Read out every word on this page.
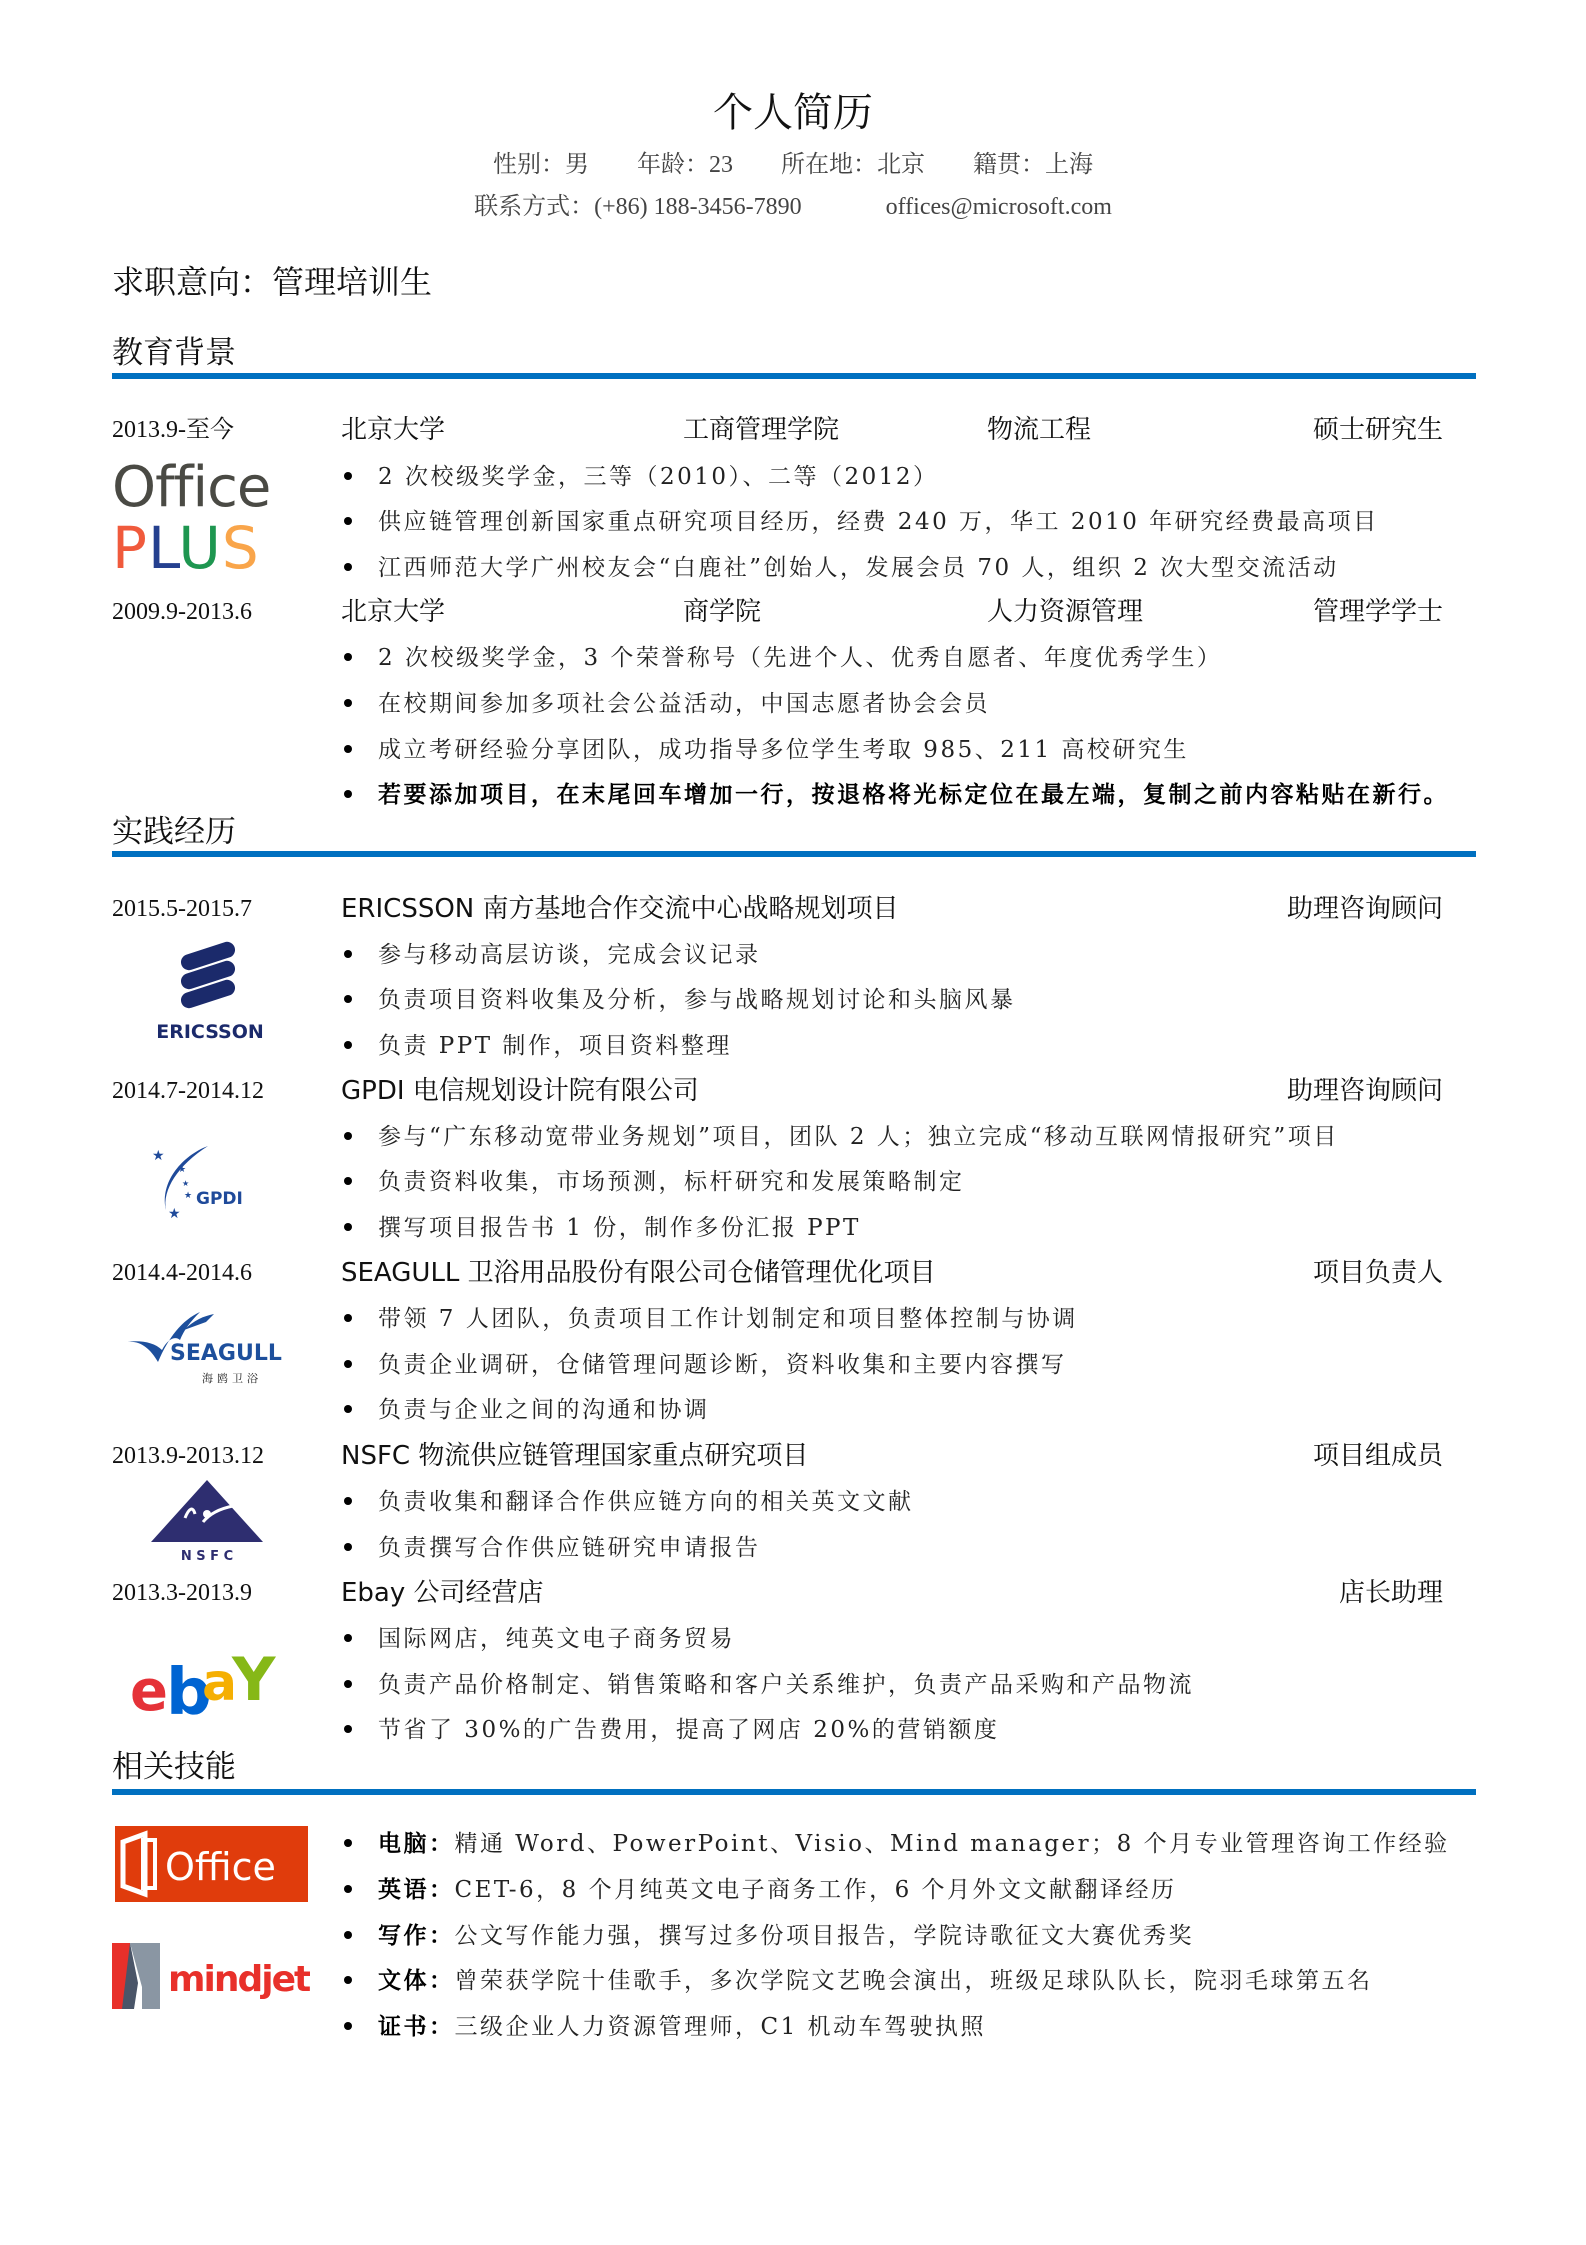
个人简历
性别：男 年龄：23 所在地：北京 籍贯：上海
联系方式：(+86) 188-3456-7890	offices@microsoft.com
求职意向：管理培训生
教育背景
2013.9-至今	北京大学	工商管理学院	物流工程	硕士研究生
2 次校级奖学金，三等（2010）、二等（2012）
供应链管理创新国家重点研究项目经历，经费 240 万，华工 2010 年研究经费最高项目
江西师范大学广州校友会“白鹿社”创始人，发展会员 70 人，组织 2 次大型交流活动
Office
PLUS
2009.9-2013.6	北京大学	商学院	人力资源管理	管理学学士
2 次校级奖学金，3 个荣誉称号（先进个人、优秀自愿者、年度优秀学生）
在校期间参加多项社会公益活动，中国志愿者协会会员
成立考研经验分享团队，成功指导多位学生考取 985、211 高校研究生
若要添加项目，在末尾回车增加一行，按退格将光标定位在最左端，复制之前内容粘贴在新行。
实践经历
2015.5-2015.7	ERICSSON 南方基地合作交流中心战略规划项目	助理咨询顾问
参与移动高层访谈，完成会议记录
负责项目资料收集及分析，参与战略规划讨论和头脑风暴
负责 PPT 制作，项目资料整理
ERICSSON
2014.7-2014.12	GPDI 电信规划设计院有限公司	助理咨询顾问
参与“广东移动宽带业务规划”项目，团队 2 人；独立完成“移动互联网情报研究”项目
负责资料收集，市场预测，标杆研究和发展策略制定
撰写项目报告书 1 份，制作多份汇报 PPT
★
★
★
★
★
GPDI
2014.4-2014.6	SEAGULL 卫浴用品股份有限公司仓储管理优化项目	项目负责人
带领 7 人团队，负责项目工作计划制定和项目整体控制与协调
负责企业调研，仓储管理问题诊断，资料收集和主要内容撰写
负责与企业之间的沟通和协调
SEAGULL
海鸥卫浴
2013.9-2013.12	NSFC 物流供应链管理国家重点研究项目	项目组成员
负责收集和翻译合作供应链方向的相关英文文献
负责撰写合作供应链研究申请报告
N S F C
2013.3-2013.9	Ebay 公司经营店	店长助理
国际网店，纯英文电子商务贸易
负责产品价格制定、销售策略和客户关系维护，负责产品采购和产品物流
节省了 30%的广告费用，提高了网店 20%的营销额度
e b
a Y
相关技能
电脑：精通 Word、PowerPoint、Visio、Mind manager；8 个月专业管理咨询工作经验
英语：CET-6，8 个月纯英文电子商务工作，6 个月外文文献翻译经历
写作：公文写作能力强，撰写过多份项目报告，学院诗歌征文大赛优秀奖
文体：曾荣获学院十佳歌手，多次学院文艺晚会演出，班级足球队队长，院羽毛球第五名
证书：三级企业人力资源管理师，C1 机动车驾驶执照
Office
mindjet
